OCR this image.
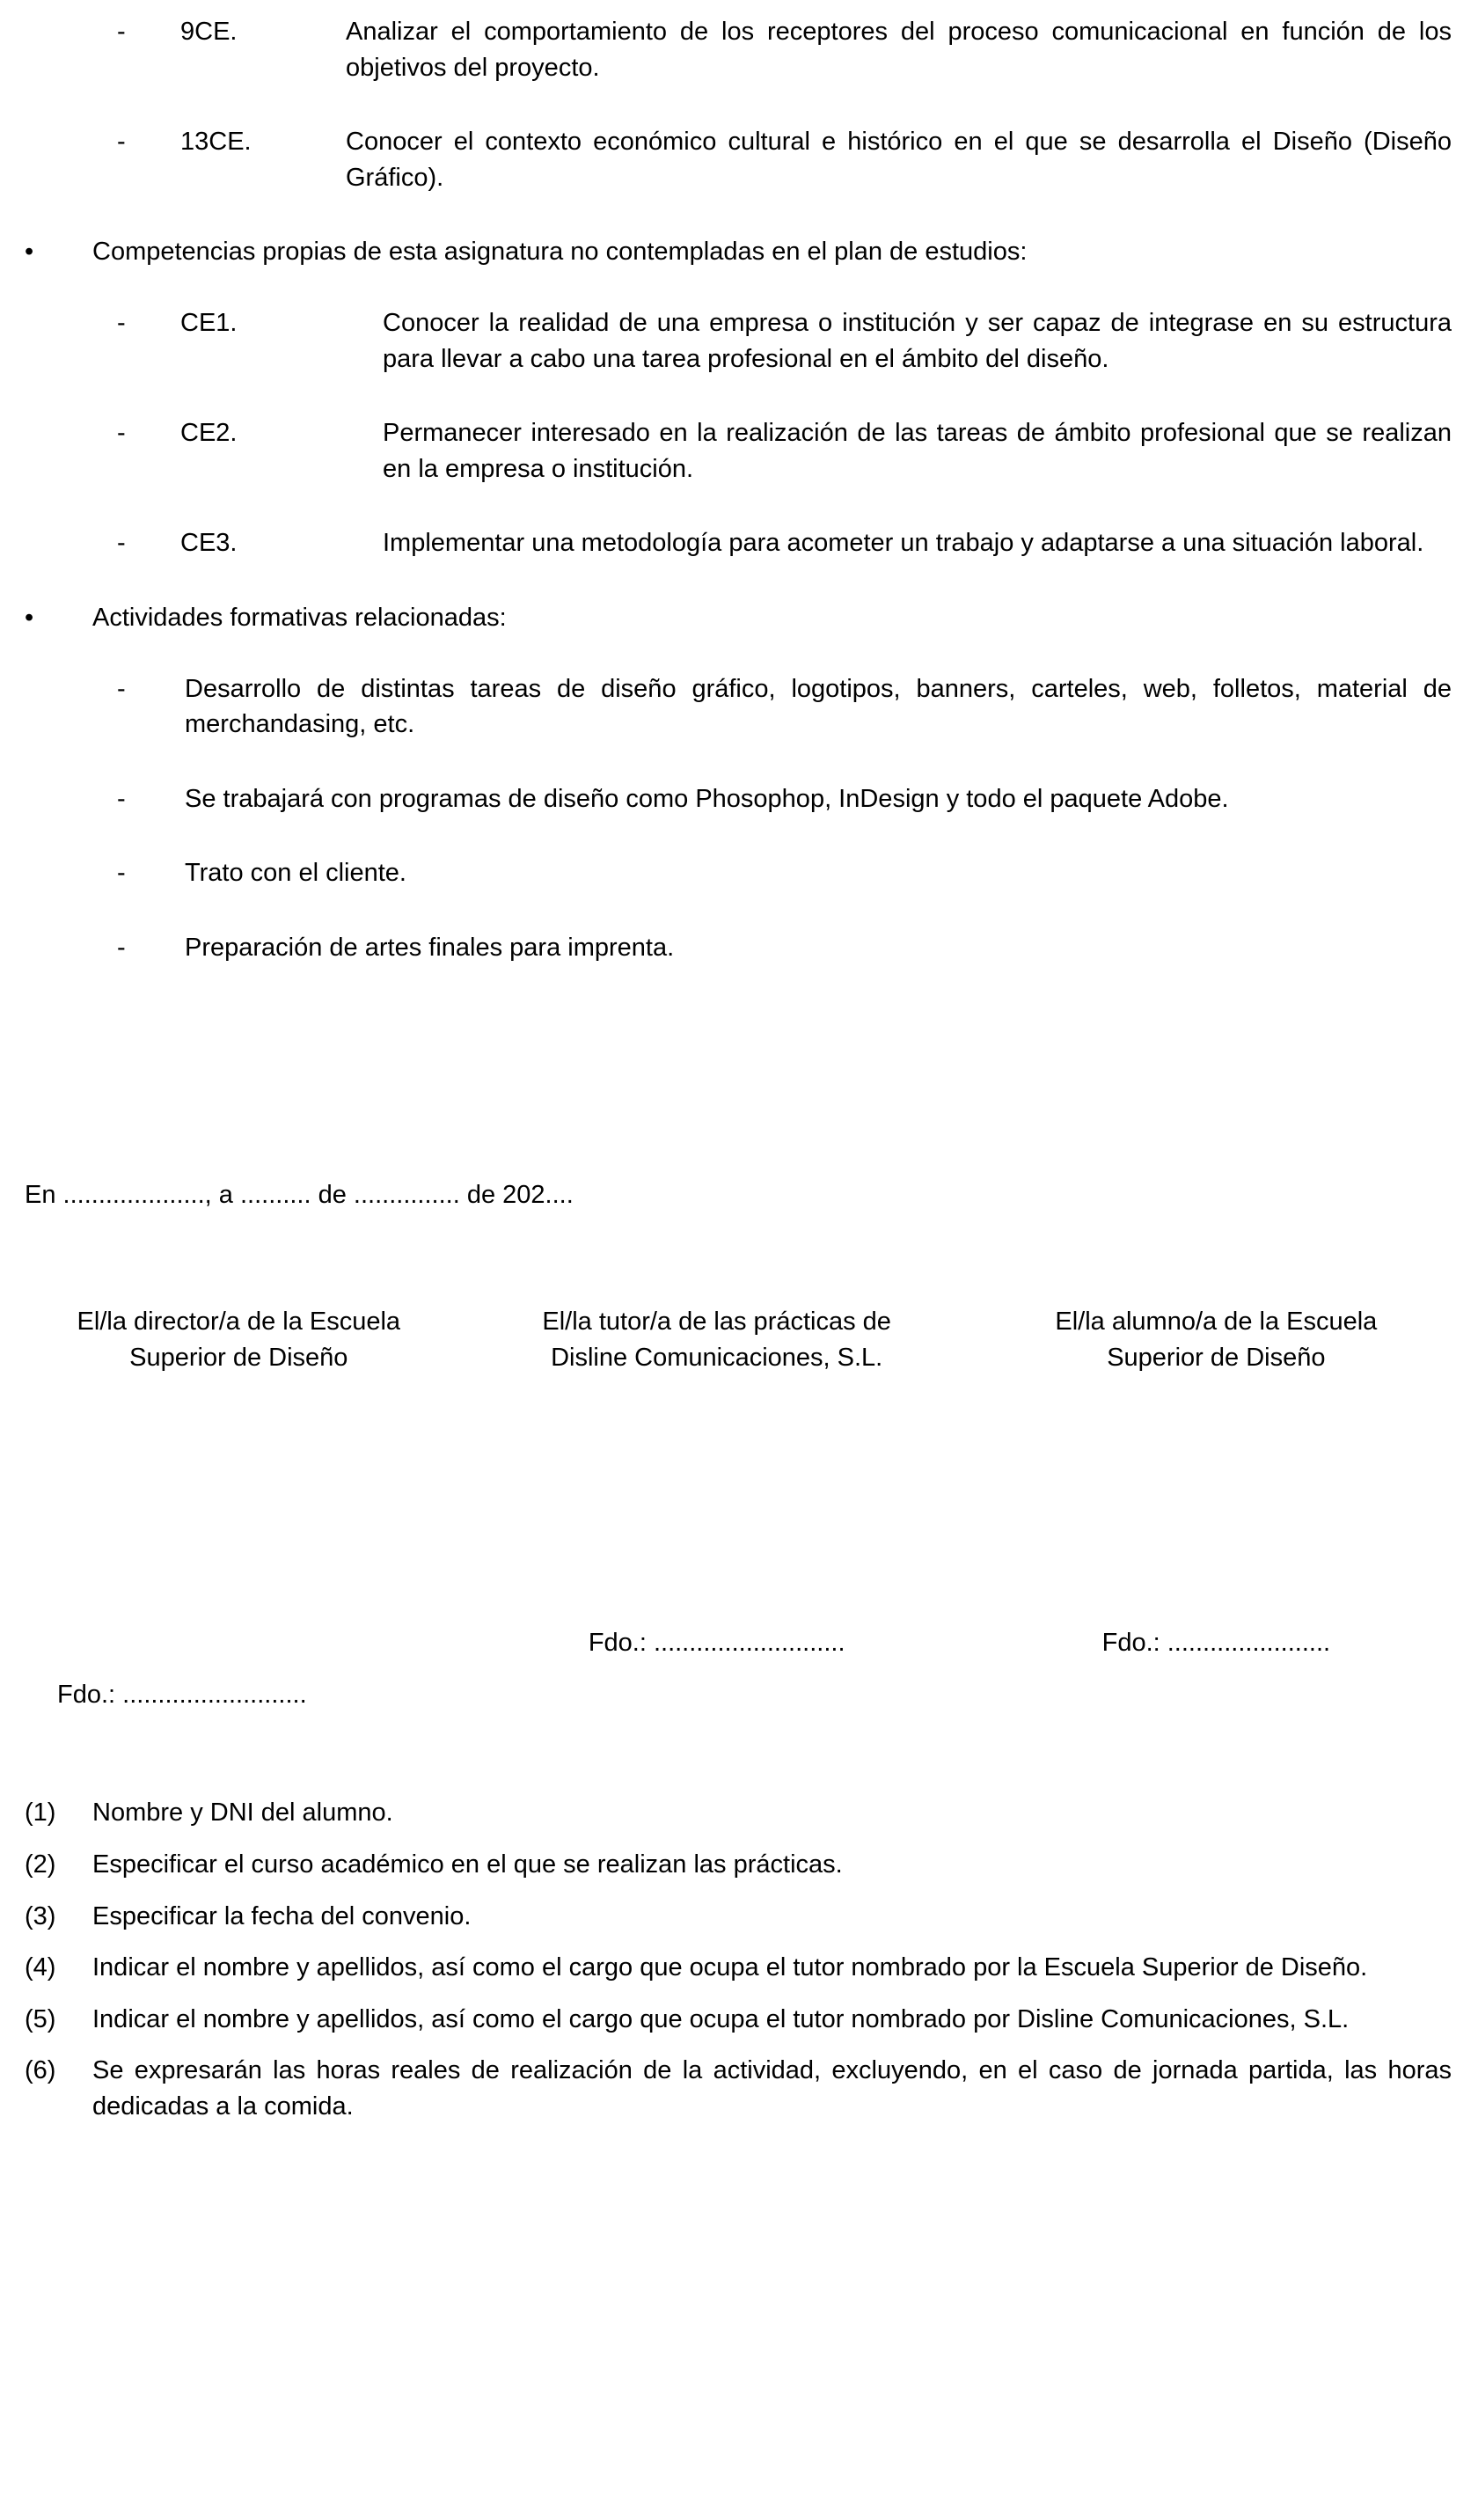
-	9CE.	Analizar el comportamiento de los receptores del proceso comunicacional en función de los objetivos del proyecto.
-	13CE.	Conocer el contexto económico cultural e histórico en el que se desarrolla el Diseño (Diseño Gráfico).
•	Competencias propias de esta asignatura no contempladas en el plan de estudios:
-	CE1.	Conocer la realidad de una empresa o institución y ser capaz de integrase en su estructura para llevar a cabo una tarea profesional en el ámbito del diseño.
-	CE2.	Permanecer interesado en la realización de las tareas de ámbito profesional que se realizan en la empresa o institución.
-	CE3.	Implementar una metodología para acometer un trabajo y adaptarse a una situación laboral.
•	Actividades formativas relacionadas:
-	Desarrollo de distintas tareas de diseño gráfico, logotipos, banners, carteles, web, folletos, material de merchandasing, etc.
-	Se trabajará con programas de diseño como Phosophop, InDesign y todo el paquete Adobe.
-	Trato con el cliente.
-	Preparación de artes finales para imprenta.
En ...................., a .......... de ............... de 202....
El/la director/a de la Escuela
Superior de Diseño
El/la tutor/a de las prácticas de
Disline Comunicaciones, S.L.
El/la alumno/a de la Escuela
Superior de Diseño
Fdo.: ...........................	Fdo.: .......................
Fdo.: ..........................
(1)	Nombre y DNI del alumno.
(2)	Especificar el curso académico en el que se realizan las prácticas.
(3)	Especificar la fecha del convenio.
(4)	Indicar el nombre y apellidos, así como el cargo que ocupa el tutor nombrado por la Escuela Superior de Diseño.
(5)	Indicar el nombre y apellidos, así como el cargo que ocupa el tutor nombrado por Disline Comunicaciones, S.L.
(6)	Se expresarán las horas reales de realización de la actividad, excluyendo, en el caso de jornada partida, las horas dedicadas a la comida.
